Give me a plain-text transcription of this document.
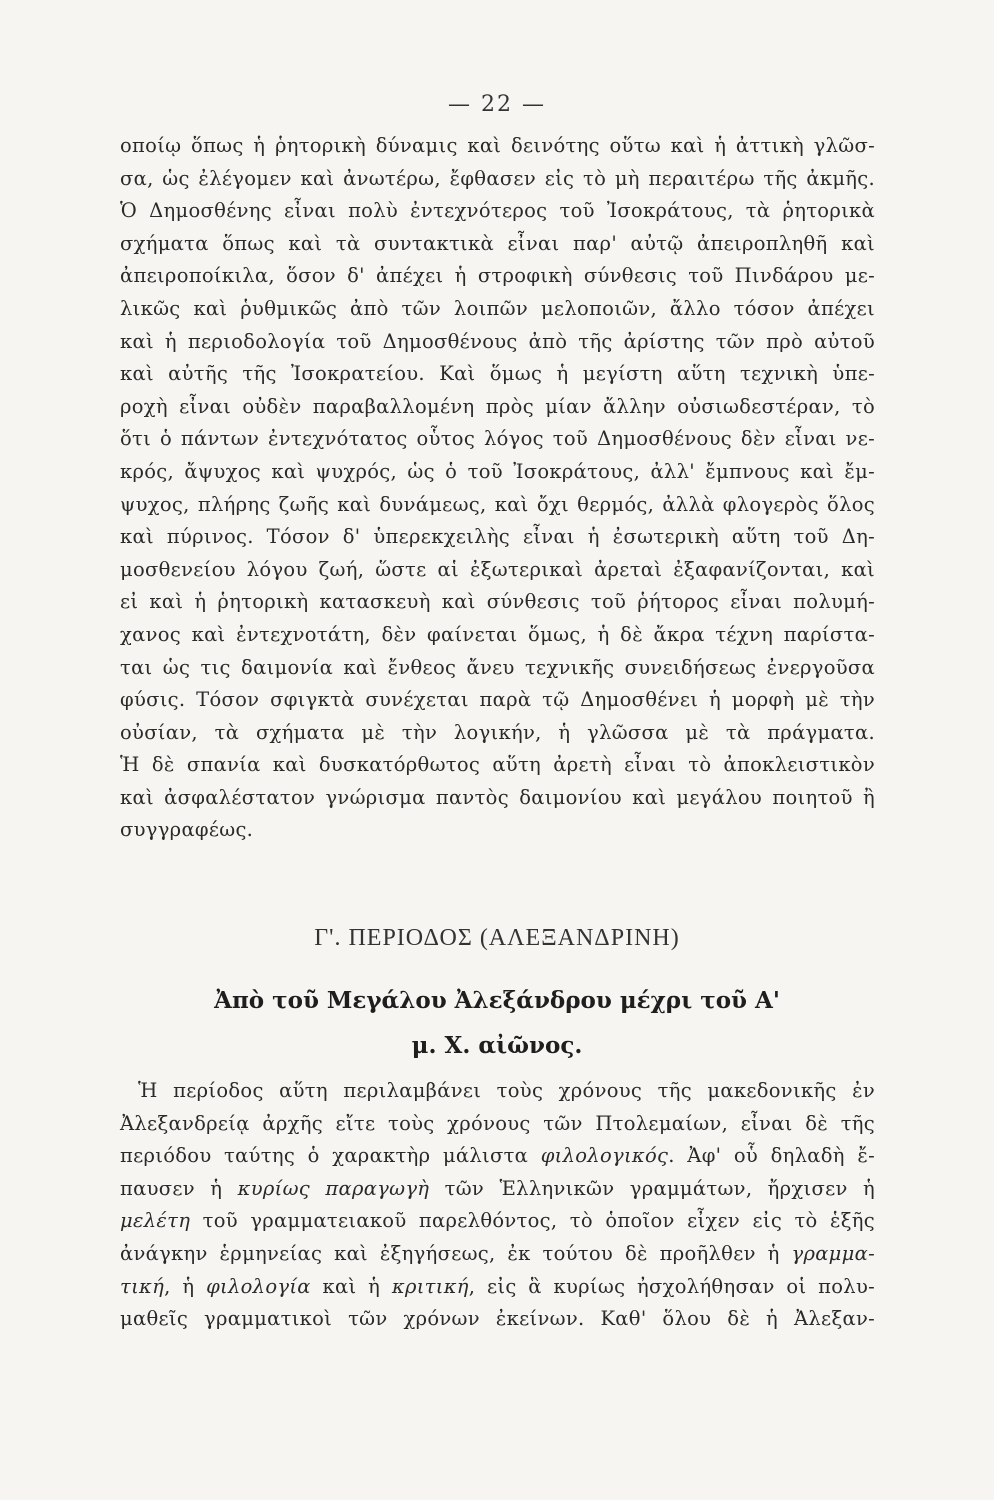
— 22 —
οποίῳ ὅπως ἡ ῥητορικὴ δύναμις καὶ δεινότης οὕτω καὶ ἡ ἀττικὴ γλῶσ-
σα, ὡς ἐλέγομεν καὶ ἀνωτέρω, ἔφθασεν εἰς τὸ μὴ περαιτέρω τῆς ἀκμῆς.
Ὁ Δημοσθένης εἶναι πολὺ ἐντεχνότερος τοῦ Ἰσοκράτους, τὰ ῥητορικὰ
σχήματα ὅπως καὶ τὰ συντακτικὰ εἶναι παρ' αὐτῷ ἀπειροπληθῆ καὶ
ἀπειροποίκιλα, ὅσον δ' ἀπέχει ἡ στροφικὴ σύνθεσις τοῦ Πινδάρου με-
λικῶς καὶ ῥυθμικῶς ἀπὸ τῶν λοιπῶν μελοποιῶν, ἄλλο τόσον ἀπέχει
καὶ ἡ περιοδολογία τοῦ Δημοσθένους ἀπὸ τῆς ἀρίστης τῶν πρὸ αὐτοῦ
καὶ αὐτῆς τῆς Ἰσοκρατείου. Καὶ ὅμως ἡ μεγίστη αὕτη τεχνικὴ ὑπε-
ροχὴ εἶναι οὐδὲν παραβαλλομένη πρὸς μίαν ἄλλην οὐσιωδεστέραν, τὸ
ὅτι ὁ πάντων ἐντεχνότατος οὗτος λόγος τοῦ Δημοσθένους δὲν εἶναι νε-
κρός, ἄψυχος καὶ ψυχρός, ὡς ὁ τοῦ Ἰσοκράτους, ἀλλ' ἔμπνους καὶ ἔμ-
ψυχος, πλήρης ζωῆς καὶ δυνάμεως, καὶ ὄχι θερμός, ἀλλὰ φλογερὸς ὅλος
καὶ πύρινος. Τόσον δ' ὑπερεκχειλὴς εἶναι ἡ ἐσωτερικὴ αὕτη τοῦ Δη-
μοσθενείου λόγου ζωή, ὥστε αἱ ἐξωτερικαὶ ἀρεταὶ ἐξαφανίζονται, καὶ
εἰ καὶ ἡ ῥητορικὴ κατασκευὴ καὶ σύνθεσις τοῦ ῥήτορος εἶναι πολυμή-
χανος καὶ ἐντεχνοτάτη, δὲν φαίνεται ὅμως, ἡ δὲ ἄκρα τέχνη παρίστα-
ται ὡς τις δαιμονία καὶ ἔνθεος ἄνευ τεχνικῆς συνειδήσεως ἐνεργοῦσα
φύσις. Τόσον σφιγκτὰ συνέχεται παρὰ τῷ Δημοσθένει ἡ μορφὴ μὲ τὴν
οὐσίαν, τὰ σχήματα μὲ τὴν λογικήν, ἡ γλῶσσα μὲ τὰ πράγματα.
Ἡ δὲ σπανία καὶ δυσκατόρθωτος αὕτη ἀρετὴ εἶναι τὸ ἀποκλειστικὸν
καὶ ἀσφαλέστατον γνώρισμα παντὸς δαιμονίου καὶ μεγάλου ποιητοῦ ἢ
συγγραφέως.
Γ'. ΠΕΡΙΟΔΟΣ (ΑΛΕΞΑΝΔΡΙΝΗ)
Ἀπὸ τοῦ Μεγάλου Ἀλεξάνδρου μέχρι τοῦ Α'
μ. Χ. αἰῶνος.
Ἡ περίοδος αὕτη περιλαμβάνει τοὺς χρόνους τῆς μακεδονικῆς ἐν
Ἀλεξανδρείᾳ ἀρχῆς εἴτε τοὺς χρόνους τῶν Πτολεμαίων, εἶναι δὲ τῆς
περιόδου ταύτης ὁ χαρακτὴρ μάλιστα φιλολογικός. Ἀφ' οὗ δηλαδὴ ἔ-
παυσεν ἡ κυρίως παραγωγὴ τῶν Ἑλληνικῶν γραμμάτων, ἤρχισεν ἡ
μελέτη τοῦ γραμματειακοῦ παρελθόντος, τὸ ὁποῖον εἶχεν εἰς τὸ ἑξῆς
ἀνάγκην ἑρμηνείας καὶ ἐξηγήσεως, ἐκ τούτου δὲ προῆλθεν ἡ γραμμα-
τική, ἡ φιλολογία καὶ ἡ κριτική, εἰς ἃ κυρίως ἠσχολήθησαν οἱ πολυ-
μαθεῖς γραμματικοὶ τῶν χρόνων ἐκείνων. Καθ' ὅλου δὲ ἡ Ἀλεξαν-
